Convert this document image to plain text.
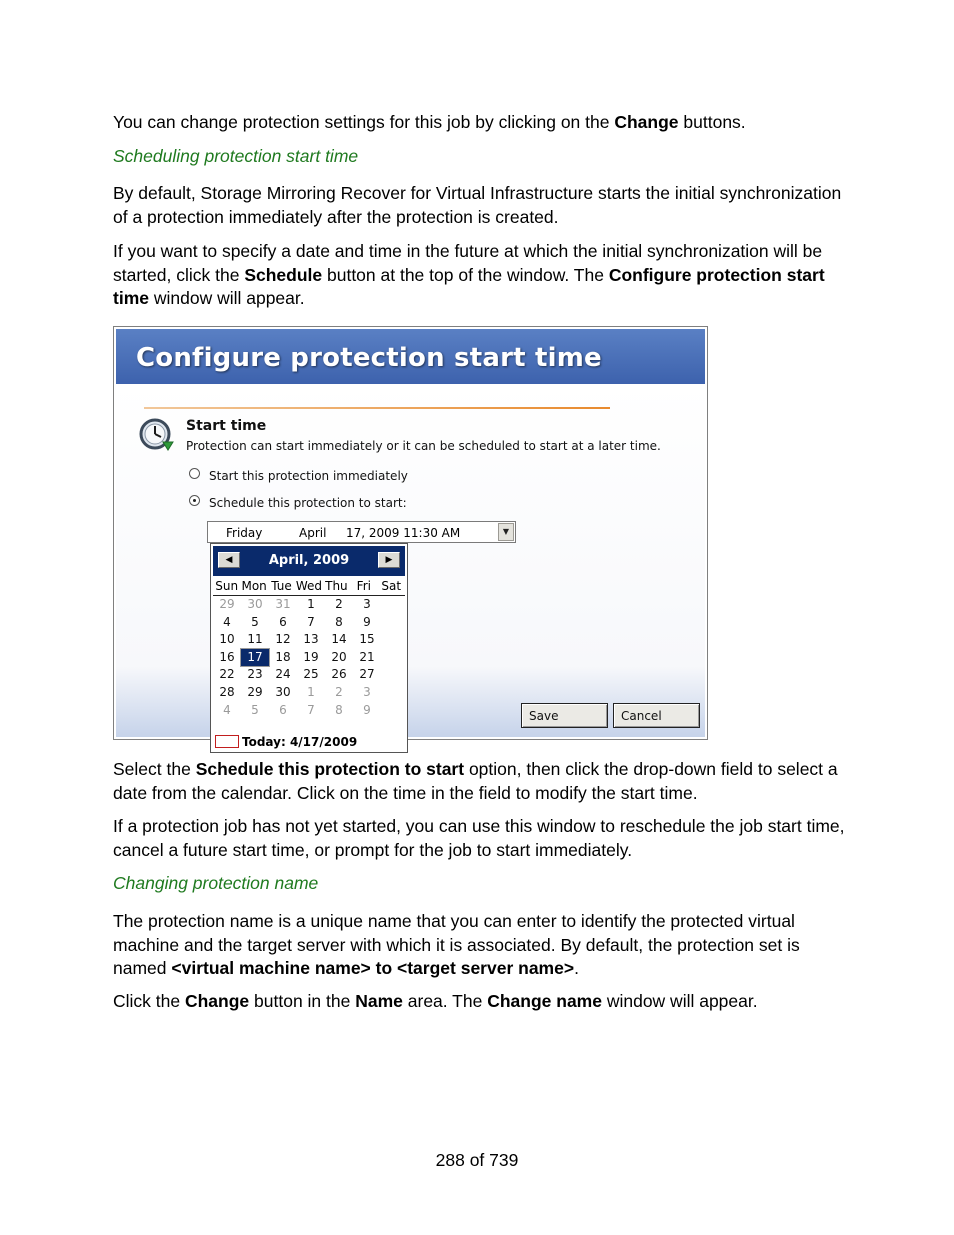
You can change protection settings for this job by clicking on the Change buttons.

Scheduling protection start time

By default, Storage Mirroring Recover for Virtual Infrastructure starts the initial synchronization of a protection immediately after the protection is created.

If you want to specify a date and time in the future at which the initial synchronization will be started, click the Schedule button at the top of the window. The Configure protection start time window will appear.

Configure protection start time
Start time
Protection can start immediately or it can be scheduled to start at a later time.
Start this protection immediately
Schedule this protection to start:
Friday	April 17, 2009 11:30 AM	▼
◀	April, 2009	▶
Sun Mon Tue Wed Thu Fri Sat
29	30	31	1	2	3
4	5	6	7	8	9
10	11	12	13	14	15
16	17	18	19	20	21
22	23	24	25	26	27
28	29	30	1	2	3
4	5	6	7	8	9
Today: 4/17/2009
Save	Cancel

Select the Schedule this protection to start option, then click the drop-down field to select a date from the calendar. Click on the time in the field to modify the start time.

If a protection job has not yet started, you can use this window to reschedule the job start time, cancel a future start time, or prompt for the job to start immediately.

Changing protection name

The protection name is a unique name that you can enter to identify the protected virtual machine and the target server with which it is associated. By default, the protection set is named <virtual machine name> to <target server name>.

Click the Change button in the Name area. The Change name window will appear.

288 of 739
